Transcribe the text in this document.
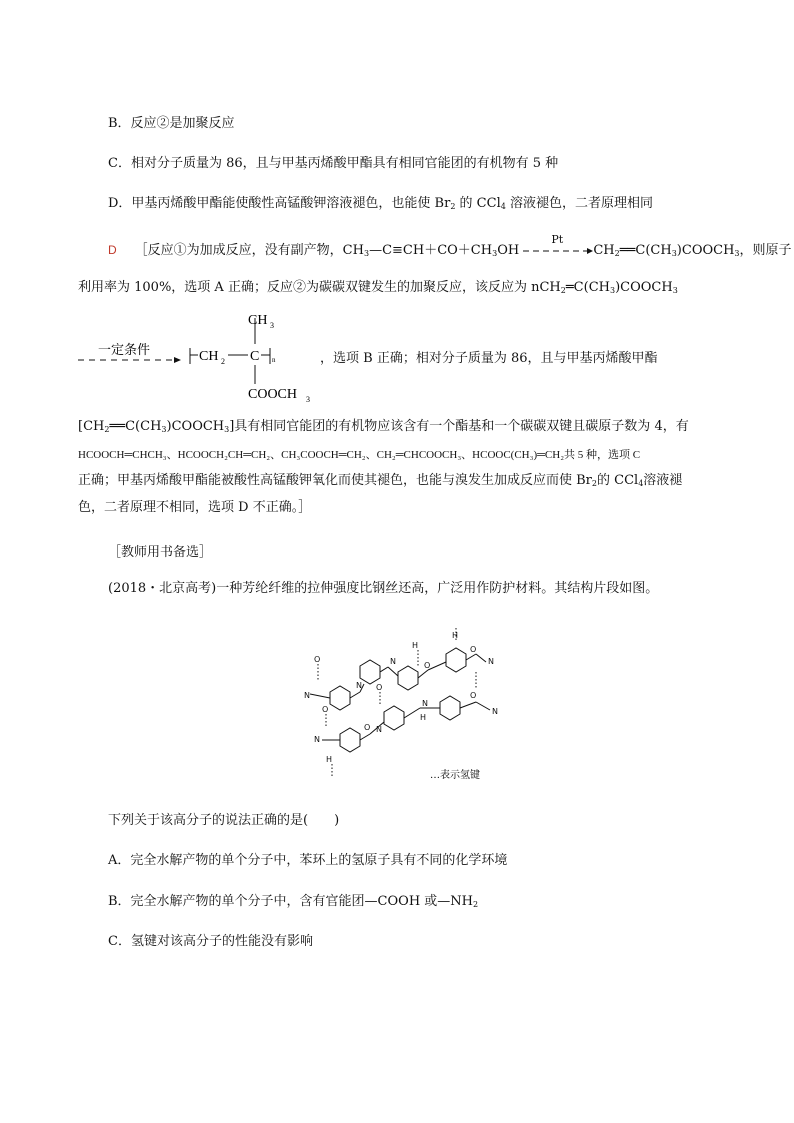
B．反应②是加聚反应
C．相对分子质量为 86，且与甲基丙烯酸甲酯具有相同官能团的有机物有 5 种
D．甲基丙烯酸甲酯能使酸性高锰酸钾溶液褪色，也能使 $Br_2$ 的 CCl$_4$ 溶液褪色，二者原理相同
D ［反应①为加成反应，没有副产物，$CH_3—C\equiv CH+CO+CH_3OH$
Pt
$CH_2══C(CH_3)COOCH_3$，则原子
利用率为 100%，选项 A 正确；反应②为碳碳双键发生的加聚反应，该反应为 $nCH_2═C(CH_3)COOCH_3$
一定条件	CH 2 C n
CH 3
COOCH 3
，选项 B 正确；相对分子质量为 86，且与甲基丙烯酸甲酯
$[CH_2══C(CH_3)COOCH_3]$具有相同官能团的有机物应该含有一个酯基和一个碳碳双键且碳原子数为 4，有
HCOOCH═CHCH₃、HCOOCH₂CH═CH₂、CH₃COOCH═CH₂、CH₂═CHCOOCH₃、HCOOC(CH₃)═CH₂共 5 种，选项 C
正确；甲基丙烯酸甲酯能被酸性高锰酸钾氧化而使其褪色，也能与溴发生加成反应而使 $Br_2$的 CCl$_4$溶液褪
色，二者原理不相同，选项 D 不正确。］
［教师用书备选］
(2018・北京高考)一种芳纶纤维的拉伸强度比钢丝还高，广泛用作防护材料。其结构片段如图。
H
O
N
H
N	O
O
N
N
O
N
O
N
O
N
O
N
H
H
…表示氢键
下列关于该高分子的说法正确的是(　　)
A．完全水解产物的单个分子中，苯环上的氢原子具有不同的化学环境
B．完全水解产物的单个分子中，含有官能团—COOH 或$—NH_2$
C．氢键对该高分子的性能没有影响
